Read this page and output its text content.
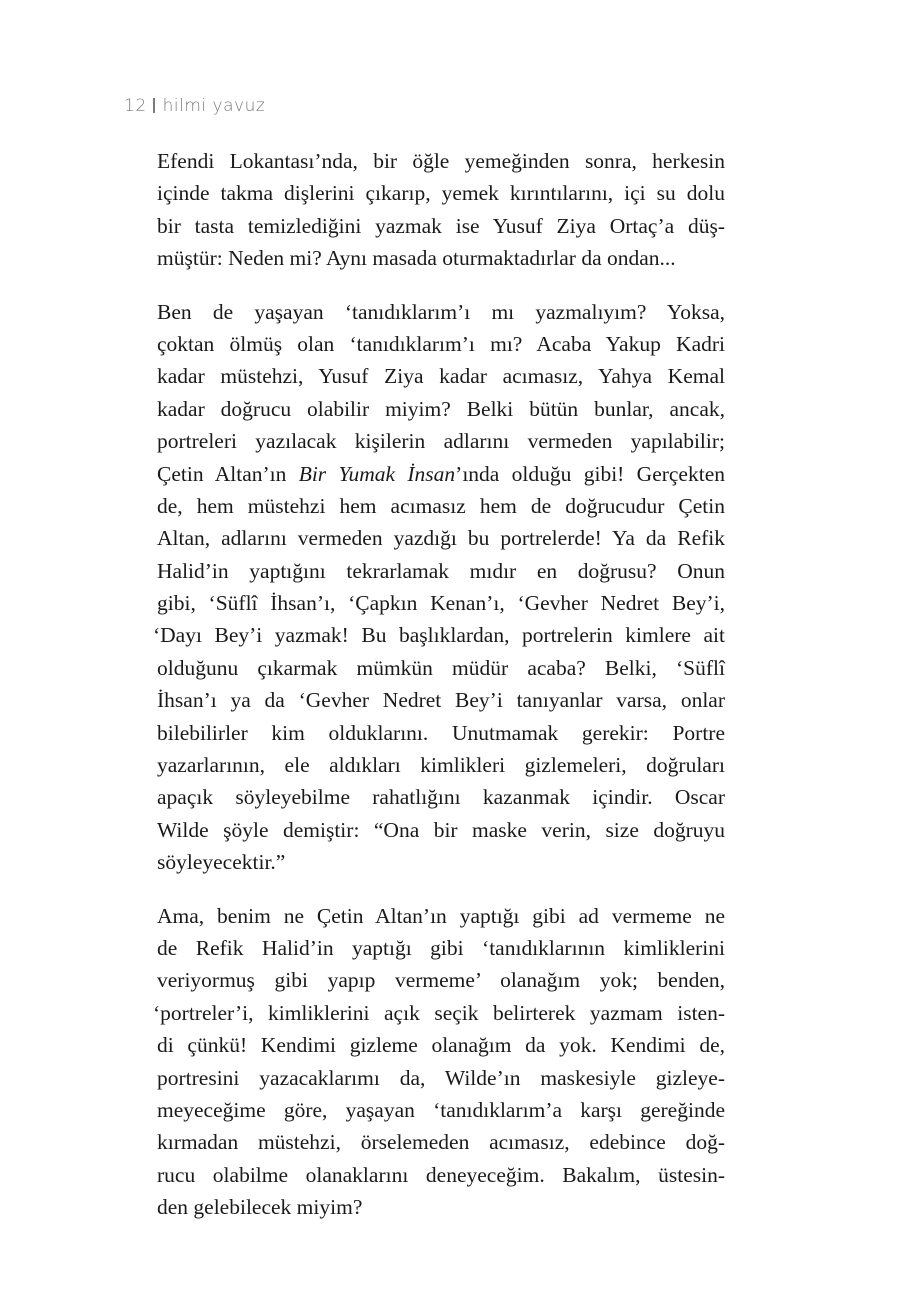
12 hilmi yavuz

Efendi Lokantası’nda, bir öğle yemeğinden sonra, herkesin
içinde takma dişlerini çıkarıp, yemek kırıntılarını, içi su dolu
bir tasta temizlediğini yazmak ise Yusuf Ziya Ortaç’a düş-
müştür: Neden mi? Aynı masada oturmaktadırlar da ondan...

Ben de yaşayan ‘tanıdıklarım’ı mı yazmalıyım? Yoksa,
çoktan ölmüş olan ‘tanıdıklarım’ı mı? Acaba Yakup Kadri
kadar müstehzi, Yusuf Ziya kadar acımasız, Yahya Kemal
kadar doğrucu olabilir miyim? Belki bütün bunlar, ancak,
portreleri yazılacak kişilerin adlarını vermeden yapılabilir;
Çetin Altan’ın Bir Yumak İnsan’ında olduğu gibi! Gerçekten
de, hem müstehzi hem acımasız hem de doğrucudur Çetin
Altan, adlarını vermeden yazdığı bu portrelerde! Ya da Refik
Halid’in yaptığını tekrarlamak mıdır en doğrusu? Onun
gibi, ‘Süflî İhsan’ı, ‘Çapkın Kenan’ı, ‘Gevher Nedret Bey’i,
‘Dayı Bey’i yazmak! Bu başlıklardan, portrelerin kimlere ait
olduğunu çıkarmak mümkün müdür acaba? Belki, ‘Süflî
İhsan’ı ya da ‘Gevher Nedret Bey’i tanıyanlar varsa, onlar
bilebilirler kim olduklarını. Unutmamak gerekir: Portre
yazarlarının, ele aldıkları kimlikleri gizlemeleri, doğruları
apaçık söyleyebilme rahatlığını kazanmak içindir. Oscar
Wilde şöyle demiştir: “Ona bir maske verin, size doğruyu
söyleyecektir.”

Ama, benim ne Çetin Altan’ın yaptığı gibi ad vermeme ne
de Refik Halid’in yaptığı gibi ‘tanıdıklarının kimliklerini
veriyormuş gibi yapıp vermeme’ olanağım yok; benden,
‘portreler’i, kimliklerini açık seçik belirterek yazmam isten-
di çünkü! Kendimi gizleme olanağım da yok. Kendimi de,
portresini yazacaklarımı da, Wilde’ın maskesiyle gizleye-
meyeceğime göre, yaşayan ‘tanıdıklarım’a karşı gereğinde
kırmadan müstehzi, örselemeden acımasız, edebince doğ-
rucu olabilme olanaklarını deneyeceğim. Bakalım, üstesin-
den gelebilecek miyim?
